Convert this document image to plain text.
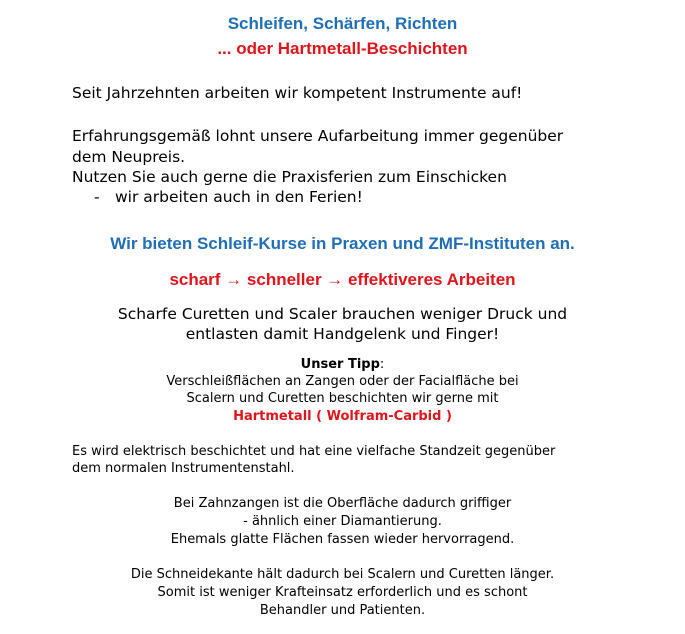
Schleifen, Schärfen, Richten
... oder Hartmetall-Beschichten
Seit Jahrzehnten arbeiten wir kompetent Instrumente auf!
Erfahrungsgemäß lohnt unsere Aufarbeitung immer gegenüber
dem Neupreis.
Nutzen Sie auch gerne die Praxisferien zum Einschicken
- wir arbeiten auch in den Ferien!
Wir bieten Schleif-Kurse in Praxen und ZMF-Instituten an.
scharf → schneller → effektiveres Arbeiten
Scharfe Curetten und Scaler brauchen weniger Druck und
entlasten damit Handgelenk und Finger!
Unser Tipp:
Verschleißflächen an Zangen oder der Facialfläche bei
Scalern und Curetten beschichten wir gerne mit
Hartmetall ( Wolfram-Carbid )
Es wird elektrisch beschichtet und hat eine vielfache Standzeit gegenüber
dem normalen Instrumentenstahl.
Bei Zahnzangen ist die Oberfläche dadurch griffiger
- ähnlich einer Diamantierung.
Ehemals glatte Flächen fassen wieder hervorragend.
Die Schneidekante hält dadurch bei Scalern und Curetten länger.
Somit ist weniger Krafteinsatz erforderlich und es schont
Behandler und Patienten.
